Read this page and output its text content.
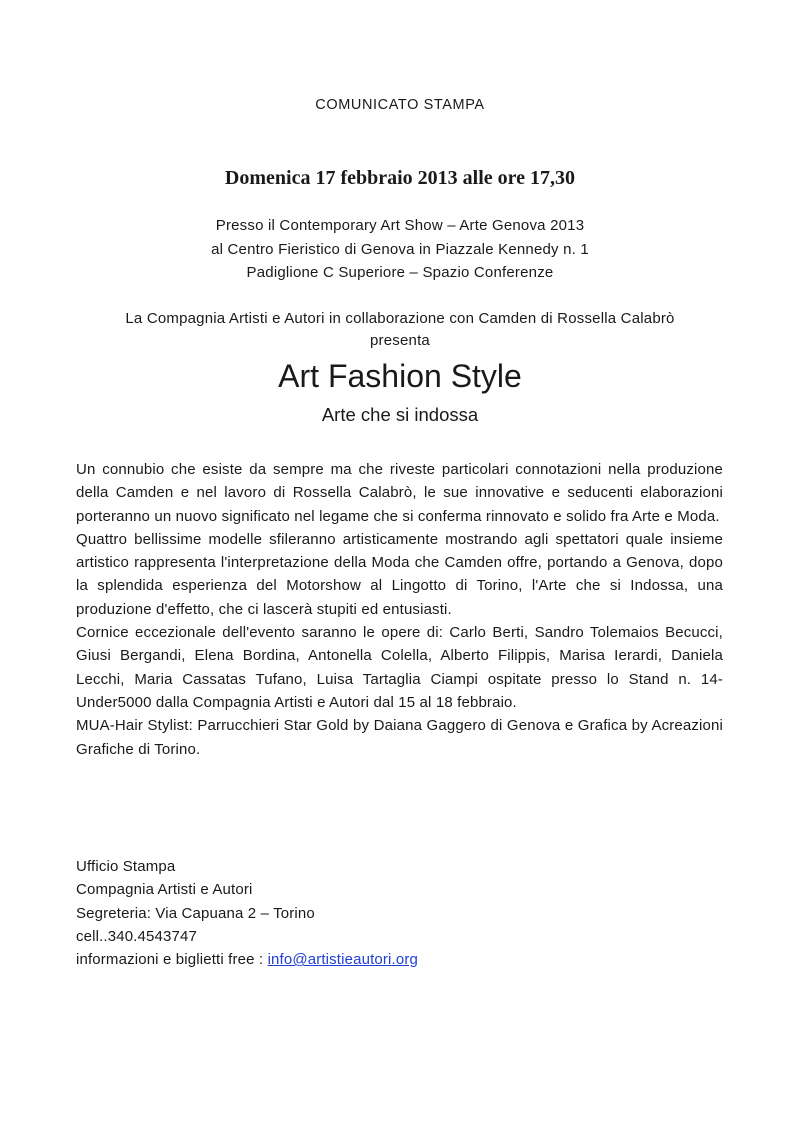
COMUNICATO STAMPA
Domenica 17 febbraio 2013 alle ore 17,30
Presso il Contemporary Art Show – Arte Genova 2013
al Centro Fieristico di Genova in Piazzale Kennedy n. 1
Padiglione C Superiore – Spazio Conferenze
La Compagnia Artisti e Autori in collaborazione con Camden di Rossella Calabrò
presenta
Art Fashion Style
Arte che si indossa

Un connubio che esiste da sempre ma che riveste particolari connotazioni nella produzione della Camden e nel lavoro di Rossella Calabrò, le sue innovative e seducenti elaborazioni porteranno un nuovo significato nel legame che si conferma rinnovato e solido fra Arte e Moda.

Quattro bellissime modelle sfileranno artisticamente mostrando agli spettatori quale insieme artistico rappresenta l'interpretazione della Moda che Camden offre, portando a Genova, dopo la splendida esperienza del Motorshow al Lingotto di Torino, l'Arte che si Indossa, una produzione d'effetto, che ci lascerà stupiti ed entusiasti.

Cornice eccezionale dell'evento saranno le opere di: Carlo Berti, Sandro Tolemaios Becucci, Giusi Bergandi, Elena Bordina, Antonella Colella, Alberto Filippis, Marisa Ierardi, Daniela Lecchi, Maria Cassatas Tufano, Luisa Tartaglia Ciampi ospitate presso lo Stand n. 14-Under5000 dalla Compagnia Artisti e Autori dal 15 al 18 febbraio.

MUA-Hair Stylist: Parrucchieri Star Gold by Daiana Gaggero di Genova e Grafica by Acreazioni Grafiche di Torino.

Ufficio Stampa
Compagnia Artisti e Autori
Segreteria: Via Capuana 2 – Torino
cell..340.4543747
informazioni e biglietti free : info@artistieautori.org
